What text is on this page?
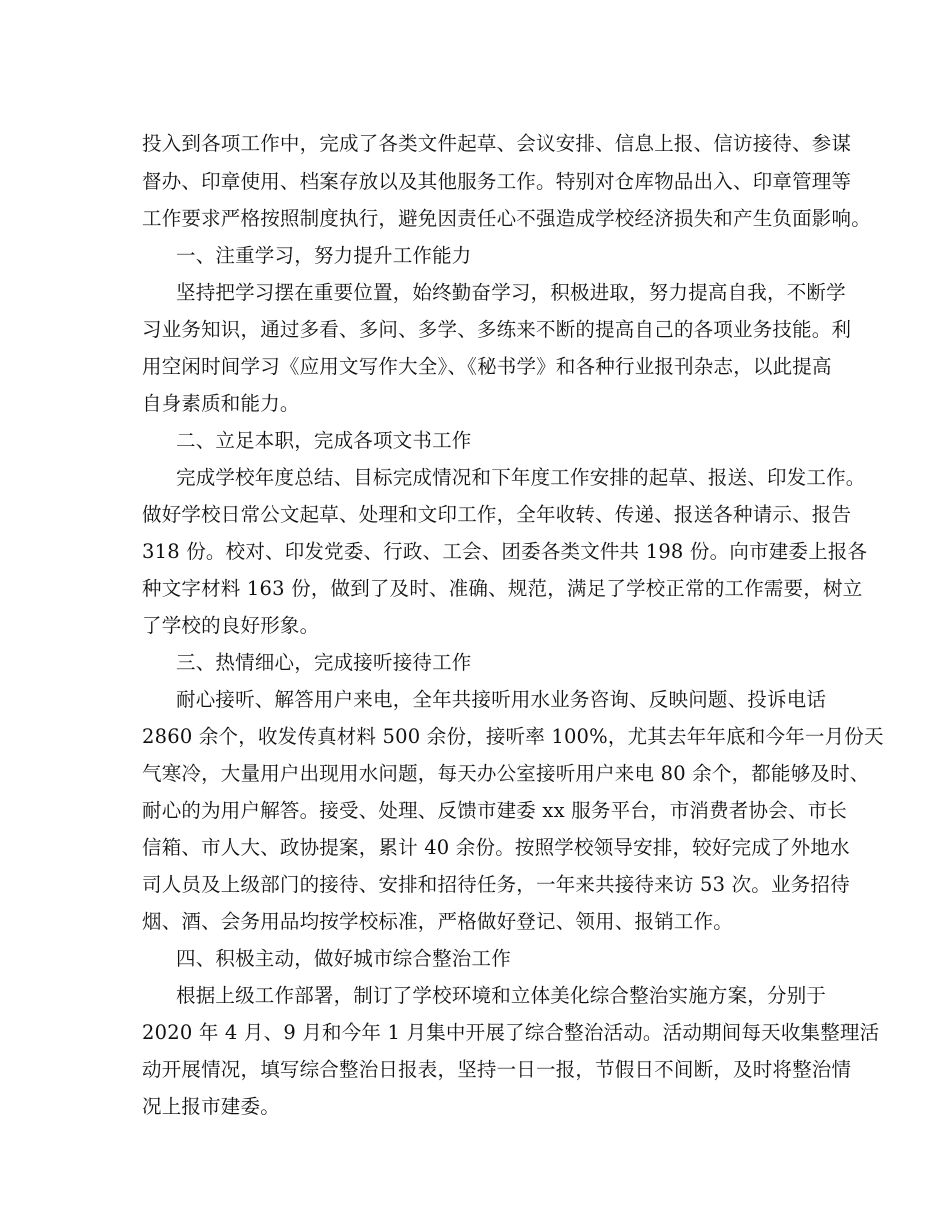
投入到各项工作中，完成了各类文件起草、会议安排、信息上报、信访接待、参谋
督办、印章使用、档案存放以及其他服务工作。特别对仓库物品出入、印章管理等
工作要求严格按照制度执行，避免因责任心不强造成学校经济损失和产生负面影响。
一、注重学习，努力提升工作能力
坚持把学习摆在重要位置，始终勤奋学习，积极进取，努力提高自我，不断学
习业务知识，通过多看、多问、多学、多练来不断的提高自己的各项业务技能。利
用空闲时间学习《应用文写作大全》、《秘书学》和各种行业报刊杂志，以此提高
自身素质和能力。
二、立足本职，完成各项文书工作
完成学校年度总结、目标完成情况和下年度工作安排的起草、报送、印发工作。
做好学校日常公文起草、处理和文印工作，全年收转、传递、报送各种请示、报告
318 份。校对、印发党委、行政、工会、团委各类文件共 198 份。向市建委上报各
种文字材料 163 份，做到了及时、准确、规范，满足了学校正常的工作需要，树立
了学校的良好形象。
三、热情细心，完成接听接待工作
耐心接听、解答用户来电，全年共接听用水业务咨询、反映问题、投诉电话
2860 余个，收发传真材料 500 余份，接听率 100%，尤其去年年底和今年一月份天
气寒冷，大量用户出现用水问题，每天办公室接听用户来电 80 余个，都能够及时、
耐心的为用户解答。接受、处理、反馈市建委 xx 服务平台，市消费者协会、市长
信箱、市人大、政协提案，累计 40 余份。按照学校领导安排，较好完成了外地水
司人员及上级部门的接待、安排和招待任务，一年来共接待来访 53 次。业务招待
烟、酒、会务用品均按学校标准，严格做好登记、领用、报销工作。
四、积极主动，做好城市综合整治工作
根据上级工作部署，制订了学校环境和立体美化综合整治实施方案，分别于
2020 年 4 月、9 月和今年 1 月集中开展了综合整治活动。活动期间每天收集整理活
动开展情况，填写综合整治日报表，坚持一日一报，节假日不间断，及时将整治情
况上报市建委。
